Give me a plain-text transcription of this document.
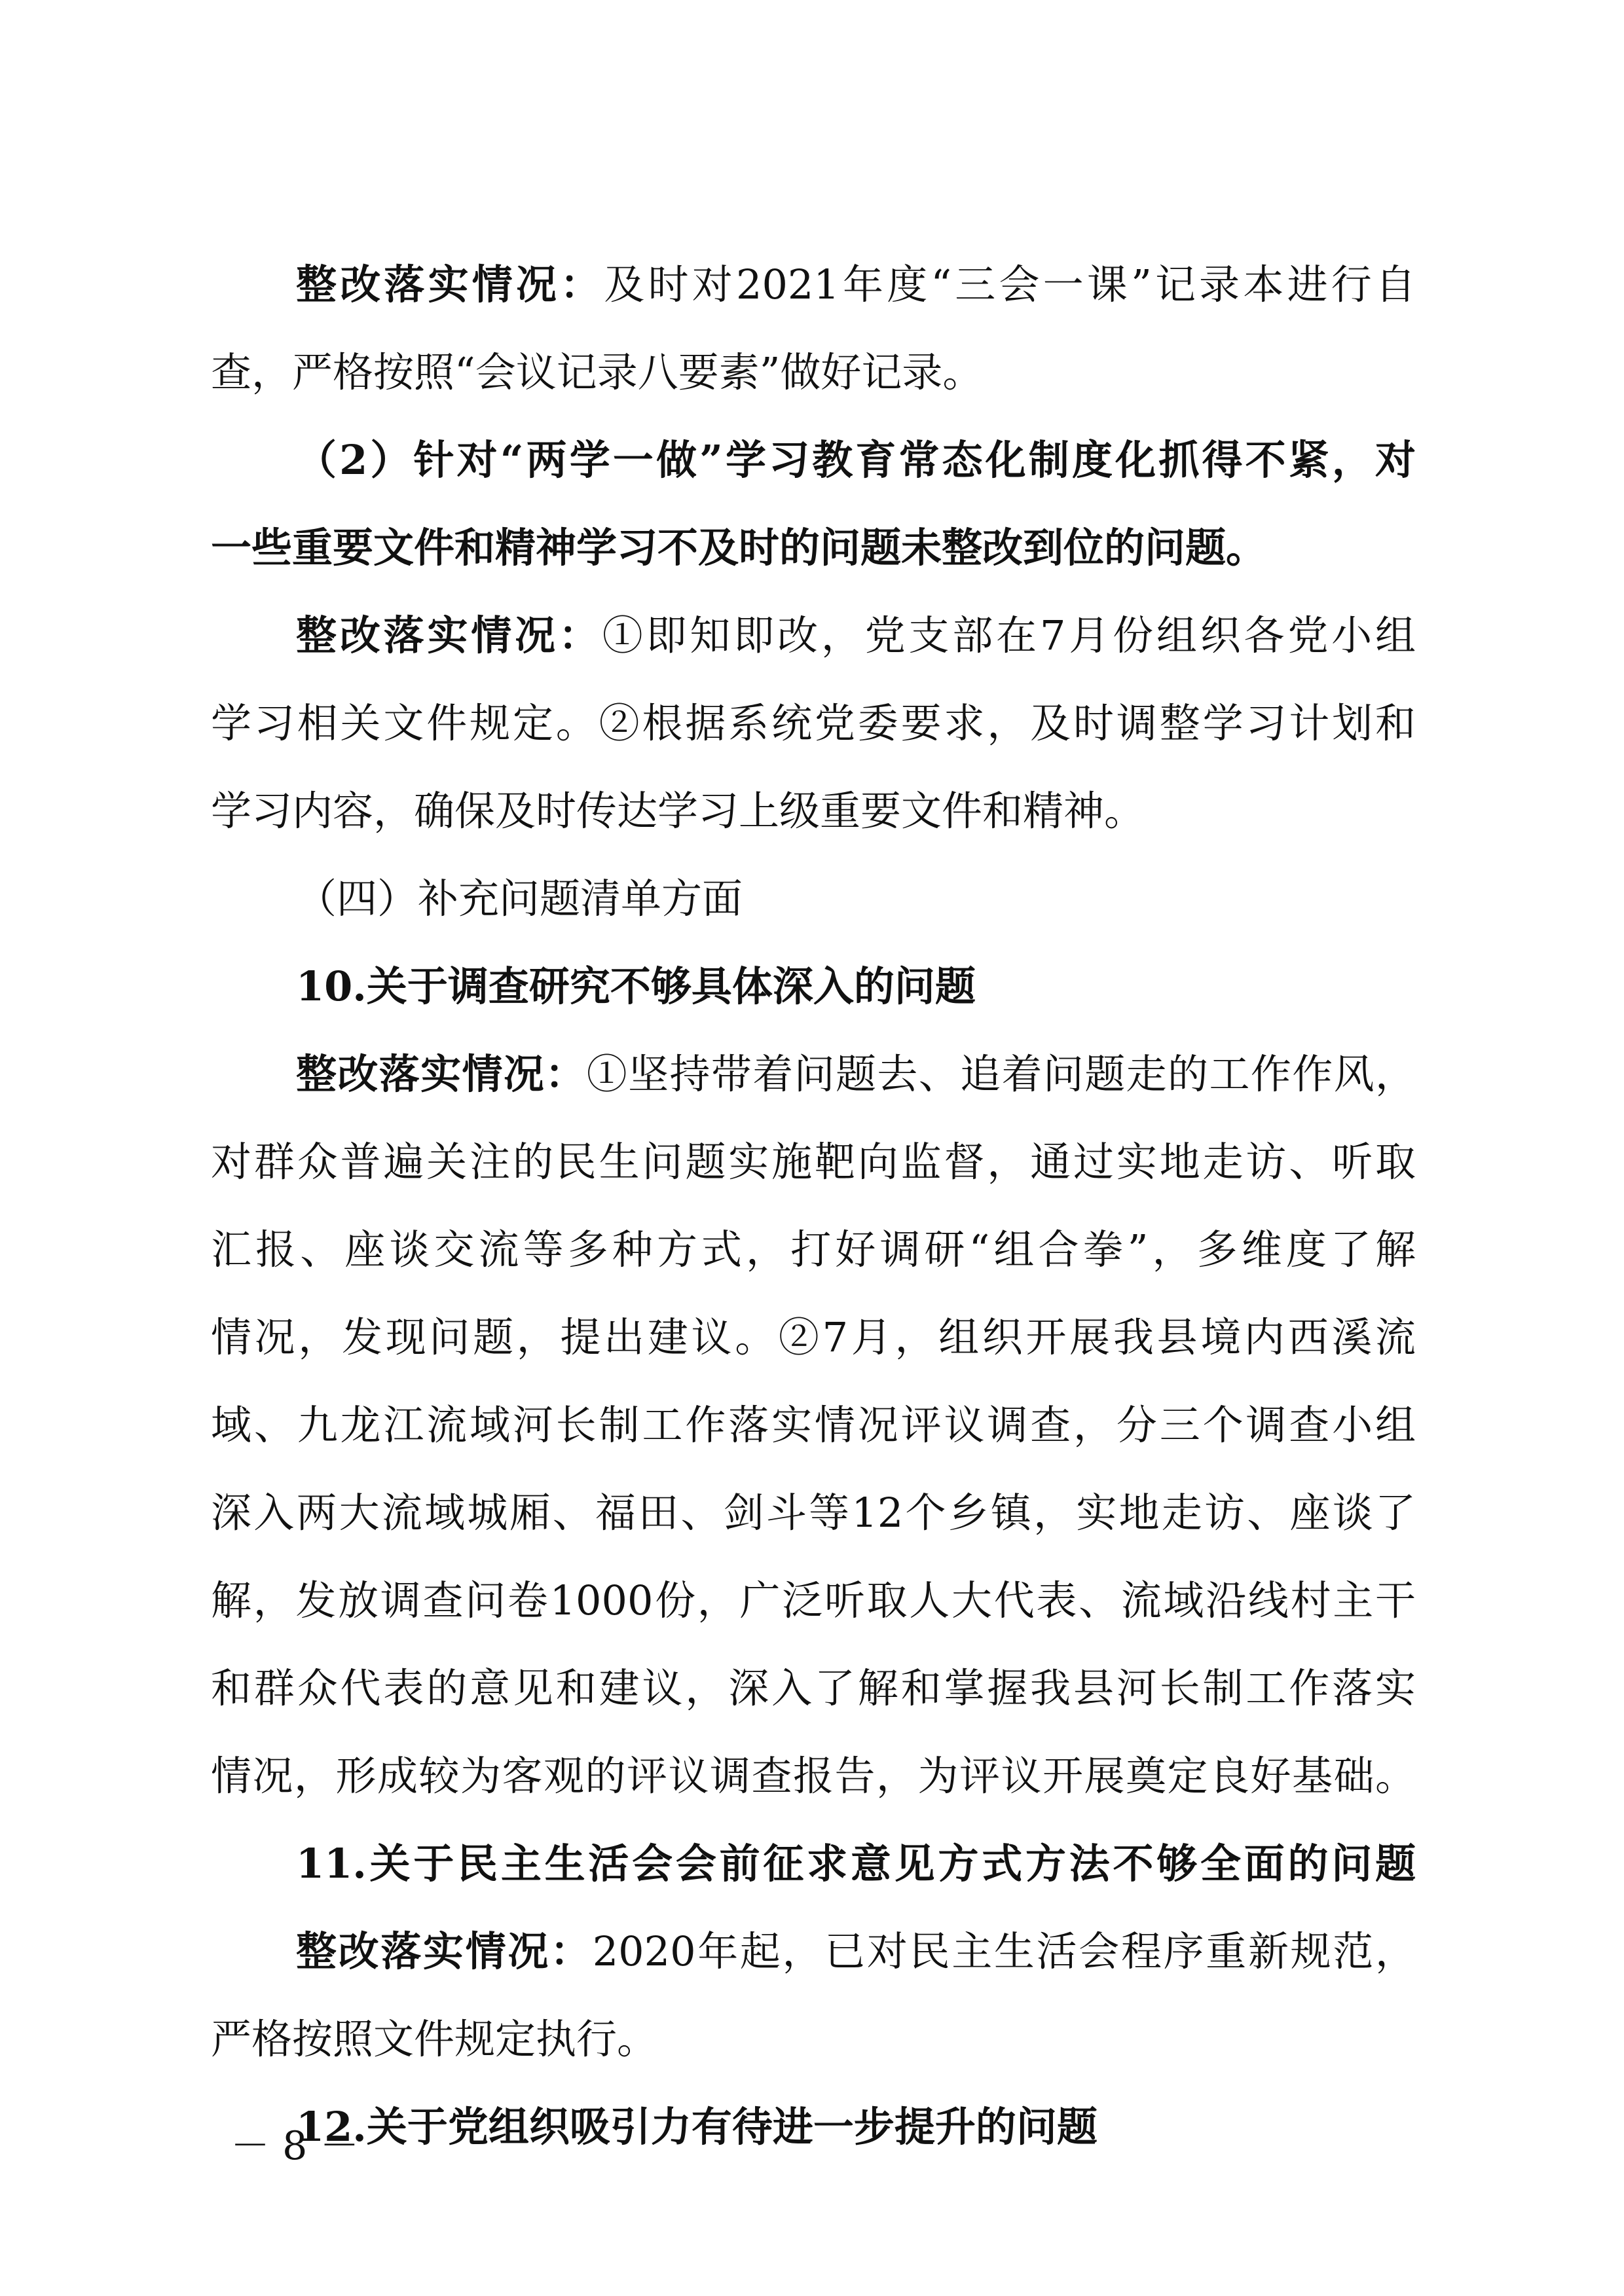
整改落实情况：及时对2021年度“三会一课”记录本进行自
查，严格按照“会议记录八要素”做好记录。
（2）针对“两学一做”学习教育常态化制度化抓得不紧，对
一些重要文件和精神学习不及时的问题未整改到位的问题。
整改落实情况：①即知即改，党支部在7月份组织各党小组
学习相关文件规定。②根据系统党委要求，及时调整学习计划和
学习内容，确保及时传达学习上级重要文件和精神。
（四）补充问题清单方面
10.关于调查研究不够具体深入的问题
整改落实情况：①坚持带着问题去、追着问题走的工作作风，
对群众普遍关注的民生问题实施靶向监督，通过实地走访、听取
汇报、座谈交流等多种方式，打好调研“组合拳”，多维度了解
情况，发现问题，提出建议。②7月，组织开展我县境内西溪流
域、九龙江流域河长制工作落实情况评议调查，分三个调查小组
深入两大流域城厢、福田、剑斗等12个乡镇，实地走访、座谈了
解，发放调查问卷1000份，广泛听取人大代表、流域沿线村主干
和群众代表的意见和建议，深入了解和掌握我县河长制工作落实
情况，形成较为客观的评议调查报告，为评议开展奠定良好基础。
11.关于民主生活会会前征求意见方式方法不够全面的问题
整改落实情况：2020年起，已对民主生活会程序重新规范，
严格按照文件规定执行。
12.关于党组织吸引力有待进一步提升的问题
－ 8 －
